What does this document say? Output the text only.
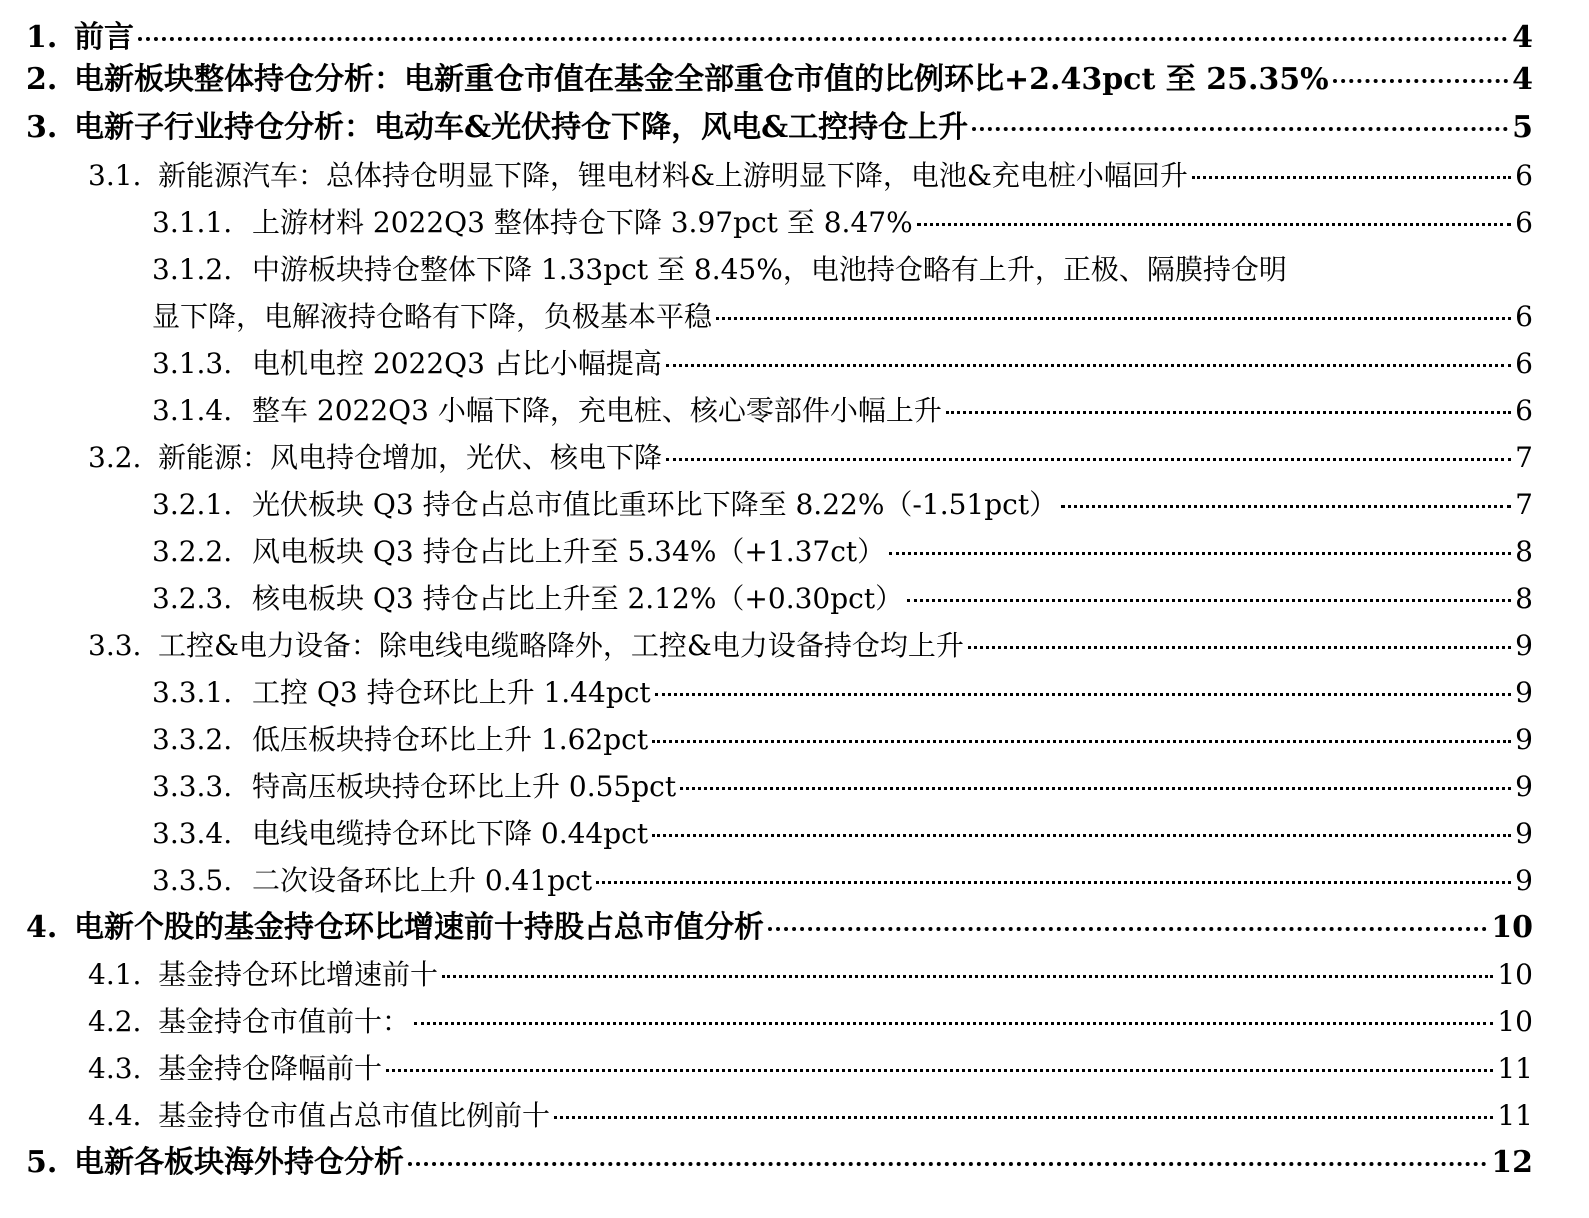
1. 前言	4
2. 电新板块整体持仓分析：电新重仓市值在基金全部重仓市值的比例环比+2.43pct 至 25.35%	4
3. 电新子行业持仓分析：电动车&光伏持仓下降，风电&工控持仓上升	5
3.1. 新能源汽车：总体持仓明显下降，锂电材料&上游明显下降，电池&充电桩小幅回升	6
3.1.1. 上游材料 2022Q3 整体持仓下降 3.97pct 至 8.47%	6
3.1.2. 中游板块持仓整体下降 1.33pct 至 8.45%，电池持仓略有上升，正极、隔膜持仓明
显下降，电解液持仓略有下降，负极基本平稳	6
3.1.3. 电机电控 2022Q3 占比小幅提高	6
3.1.4. 整车 2022Q3 小幅下降，充电桩、核心零部件小幅上升	6
3.2. 新能源：风电持仓增加，光伏、核电下降	7
3.2.1. 光伏板块 Q3 持仓占总市值比重环比下降至 8.22%（-1.51pct）	7
3.2.2. 风电板块 Q3 持仓占比上升至 5.34%（+1.37ct）	8
3.2.3. 核电板块 Q3 持仓占比上升至 2.12%（+0.30pct）	8
3.3. 工控&电力设备：除电线电缆略降外，工控&电力设备持仓均上升	9
3.3.1. 工控 Q3 持仓环比上升 1.44pct	9
3.3.2. 低压板块持仓环比上升 1.62pct	9
3.3.3. 特高压板块持仓环比上升 0.55pct	9
3.3.4. 电线电缆持仓环比下降 0.44pct	9
3.3.5. 二次设备环比上升 0.41pct	9
4. 电新个股的基金持仓环比增速前十持股占总市值分析	10
4.1. 基金持仓环比增速前十	10
4.2. 基金持仓市值前十：	10
4.3. 基金持仓降幅前十	11
4.4. 基金持仓市值占总市值比例前十	11
5. 电新各板块海外持仓分析	12
